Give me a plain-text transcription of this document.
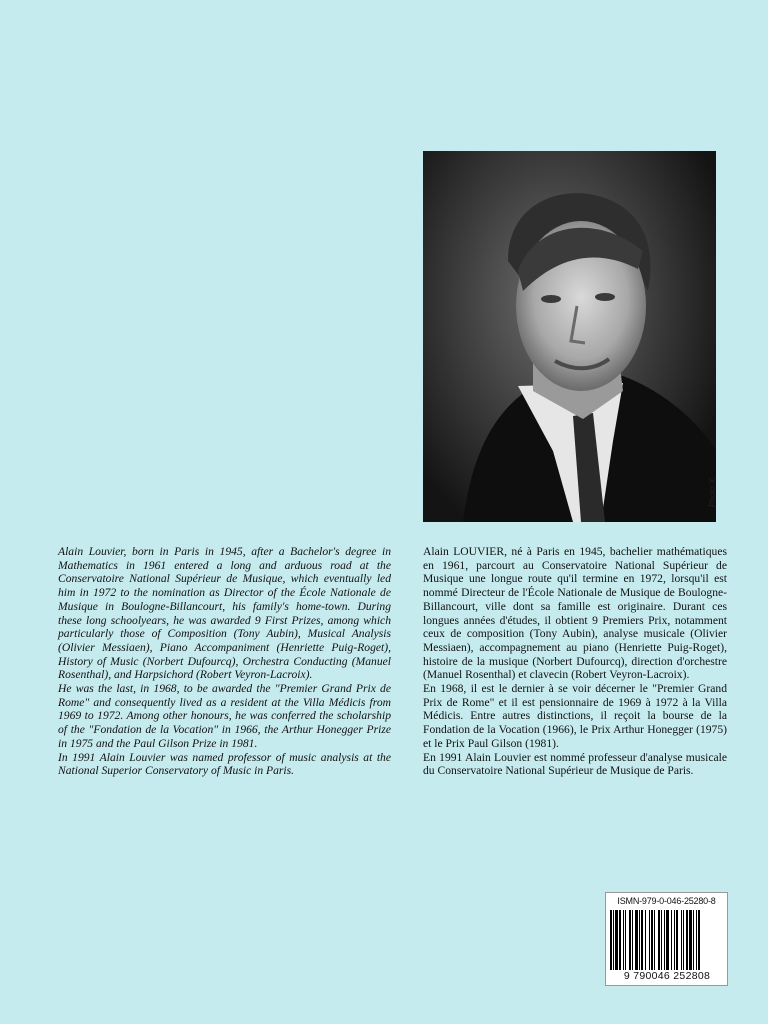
Photo X.

Alain Louvier, born in Paris in 1945, after a Bachelor's degree in Mathematics in 1961 entered a long and arduous road at the Conservatoire National Supérieur de Musique, which eventually led him in 1972 to the nomination as Director of the École Nationale de Musique in Boulogne-Billancourt, his family's home-town. During these long schoolyears, he was awarded 9 First Prizes, among which particularly those of Composition (Tony Aubin), Musical Analysis (Olivier Messiaen), Piano Accompaniment (Henriette Puig-Roget), History of Music (Norbert Dufourcq), Orchestra Conducting (Manuel Rosenthal), and Harpsichord (Robert Veyron-Lacroix).

He was the last, in 1968, to be awarded the "Premier Grand Prix de Rome" and consequently lived as a resident at the Villa Médicis from 1969 to 1972. Among other honours, he was conferred the scholarship of the "Fondation de la Vocation" in 1966, the Arthur Honegger Prize in 1975 and the Paul Gilson Prize in 1981.

In 1991 Alain Louvier was named professor of music analysis at the National Superior Conservatory of Music in Paris.

Alain LOUVIER, né à Paris en 1945, bachelier mathématiques en 1961, parcourt au Conservatoire National Supérieur de Musique une longue route qu'il termine en 1972, lorsqu'il est nommé Directeur de l'École Nationale de Musique de Boulogne-Billancourt, ville dont sa famille est originaire. Durant ces longues années d'études, il obtient 9 Premiers Prix, notamment ceux de composition (Tony Aubin), analyse musicale (Olivier Messiaen), accompagnement au piano (Henriette Puig-Roget), histoire de la musique (Norbert Dufourcq), direction d'orchestre (Manuel Rosenthal) et clavecin (Robert Veyron-Lacroix).

En 1968, il est le dernier à se voir décerner le "Premier Grand Prix de Rome" et il est pensionnaire de 1969 à 1972 à la Villa Médicis. Entre autres distinctions, il reçoit la bourse de la Fondation de la Vocation (1966), le Prix Arthur Honegger (1975) et le Prix Paul Gilson (1981).

En 1991 Alain Louvier est nommé professeur d'analyse musicale du Conservatoire National Supérieur de Musique de Paris.

ISMN-979-0-046-25280-8
9 790046 252808
